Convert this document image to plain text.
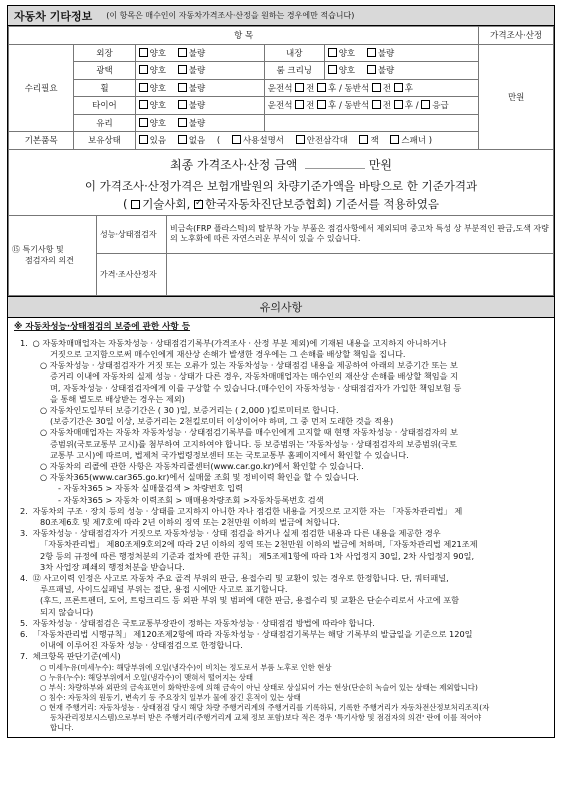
자동차 기타정보 (이 항목은 매수인이 자동차가격조사·산정을 원하는 경우에만 적습니다)
항 목					가격조사·산정
수리필요	외장	양호 불량	내장	양호 불량	만원
	광택	양호 불량	룸 크리닝	양호 불량	
	휠	양호 불량	운전석 전 후 / 동반석 전 후		
	타이어	양호 불량	운전석 전 후 / 동반석 전 후 / 응급		
	유리	양호 불량			
기본품목	보유상태	있음 없음 ( 사용설명서 안전삼각대 잭 스패너 )			
최종 가격조사·산정 금액	만원
이 가격조사·산정가격은 보험개발원의 차량기준가액을 바탕으로 한 기준가격과
( 기술사회, ✓ 한국자동차진단보증협회) 기준서를 적용하였음
⑮ 특기사항 및
점검자의 의견	성능·상태점검자	비금속(FRP 플라스틱)의 탈부착 가능 부품은 점검사항에서 제외되며 중고차 특성 상 부분적인 판금,도색 자량의 노후화에 따른 자연스러운 부식이 있을 수 있습니다.
	가격·조사산정자	
유의사항

※ 자동차성능·상태점검의 보증에 관한 사항 등

1. ○ 자동차매매업자는 자동차성능 · 상태점검기록부(가격조사 · 산정 부분 제외)에 기재된 내용을 고지하지 아니하거나

거짓으로 고지함으로써 매수인에게 재산상 손해가 발생한 경우에는 그 손해를 배상할 책임을 집니다.

○ 자동차성능 · 상태점검자가 거짓 또는 오류가 있는 자동차성능 · 상태점검 내용을 제공하여 아래의 보증기간 또는 보

증거리 이내에 자동차의 실제 성능 · 상태가 다른 경우, 자동차매매업자는 매수인의 재산상 손해를 배상할 책임을 지

며, 자동차성능 · 상태점검자에게 이를 구상할 수 있습니다.(매수인이 자동차성능 · 상태점검자가 가입한 책임보험 등

을 통해 별도로 배상받는 경우는 제외)

○ 자동차인도일부터 보증기간은 ( 30 )일, 보증거리는 ( 2,000 )킬로미터로 합니다.

(보증기간은 30일 이상, 보증거리는 2천킬로미터 이상이어야 하며, 그 중 먼저 도래한 것을 적용)

○ 자동차매매업자는 자동차 자동차성능 · 상태점검기록부를 매수인에게 고지할 때 현행 자동차성능 · 상태점검자의 보

증범위(국토교통부 고시)를 첨부하여 고지하여야 합니다. 등 보증범위는 '자동차성능 · 상태점검자의 보증범위(국토

교통부 고시)에 따르며, 법제처 국가법령정보센터 또는 국토교통부 홈페이지에서 확인할 수 있습니다.

○ 자동차의 리콜에 관한 사항은 자동차리콜센터(www.car.go.kr)에서 확인할 수 있습니다.

○ 자동차365(www.car365.go.kr)에서 실매물 조회 및 정비이력 확인을 할 수 있습니다.

- 자동차365 > 자동차 실매물검색 > 차량번호 입력

- 자동차365 > 자동차 이력조회 > 매매용차량조회 >자동차등록번호 검색

2. 자동차의 구조 · 장치 등의 성능 · 상태를 고지하지 아니한 자나 점검한 내용을 거짓으로 고지한 자는 「자동차관리법」 제

80조제6호 및 제7호에 따라 2년 이하의 징역 또는 2천만원 이하의 벌금에 처합니다.

3. 자동차성능 · 상태점검자가 거짓으로 자동차성능 · 상태 점검을 하거나 실제 점검한 내용과 다른 내용을 제공한 경우

「자동차관리법」 제80조제9호의2에 따라 2년 이하의 징역 또는 2천만원 이하의 벌금에 처하며,「자동차관리법 제21조제

2항 등의 규정에 따른 행정처분의 기준과 절차에 관한 규칙」 제5조제1항에 따라 1차 사업정지 30일, 2차 사업정지 90일,

3차 사업장 폐쇄의 행정처분을 받습니다.

4. ⑫ 사고이력 인정은 사고로 자동차 주요 골격 부위의 판금, 용접수리 및 교환이 있는 경우로 한정합니다. 단, 쿼터패널,

루프패널, 사이드실패널 부위는 절단, 용접 시에만 사고로 표기합니다.

(후드, 프론트펜더, 도어, 트렁크리드 등 외판 부위 및 범퍼에 대한 판금, 용접수리 및 교환은 단순수리로서 사고에 포함

되지 않습니다)

5. 자동차성능 · 상태점검은 국토교통부장관이 정하는 자동차성능 · 상태점검 방법에 따라야 합니다.

6. 「자동차관리법 시행규칙」 제120조제2항에 따라 자동차성능 · 상태점검기록부는 해당 기록부의 발급일을 기준으로 120일

이내에 이루어진 자동차 성능 · 상태점검으로 한정합니다.

7. 체크항목 판단기준(예시)

○ 미세누유(미세누수): 해당부위에 오일(냉각수)이 비치는 정도로서 부품 노후로 인한 현상

○ 누유(누수): 해당부위에서 오일(냉각수)이 맺혀서 떨어지는 상태

○ 부식: 차량하부와 외판의 금속표면이 화학반응에 의해 금속이 아닌 상태로 상실되어 가는 현상(단순히 녹슬어 있는 상태는 제외합니다)

○ 침수: 자동차의 원동기, 변속기 등 주요장치 일부가 물에 잠긴 흔적이 있는 상태

○ 현재 주행거리: 자동차성능 · 상태점검 당시 해당 차량 주행거리계의 주행거리를 기록하되, 기록한 주행거리가 자동차전산정보처리조직(자

동차관리정보시스템)으로부터 받은 주행거리(주행거리계 교체 정보 포함)보다 적은 경우 '특기사항 및 점검자의 의견' 란에 이를 적어야

합니다.
